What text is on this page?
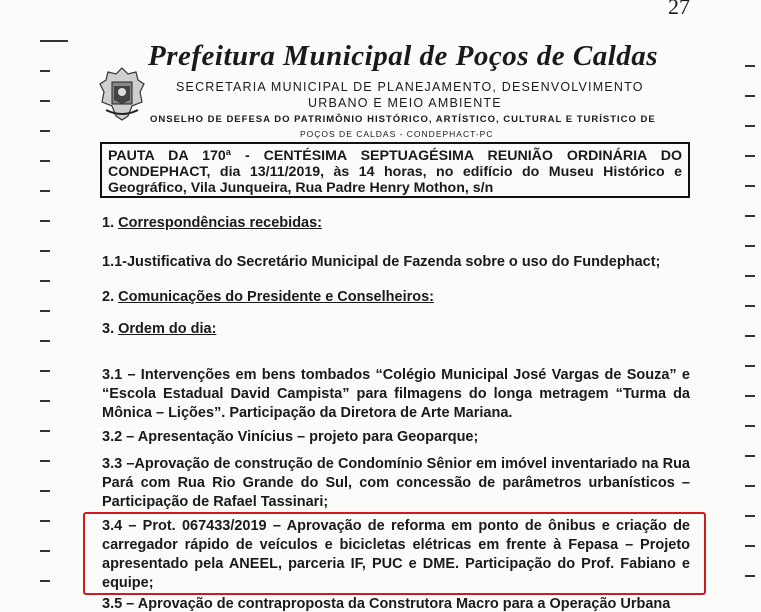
27
Prefeitura Municipal de Poços de Caldas
SECRETARIA MUNICIPAL DE PLANEJAMENTO, DESENVOLVIMENTO
URBANO E MEIO AMBIENTE
ONSELHO DE DEFESA DO PATRIMÔNIO HISTÓRICO, ARTÍSTICO, CULTURAL E TURÍSTICO DE
POÇOS DE CALDAS - CONDEPHACT-PC
PAUTA DA 170ª - CENTÉSIMA SEPTUAGÉSIMA REUNIÃO ORDINÁRIA DO CONDEPHACT, dia 13/11/2019, às 14 horas, no edifício do Museu Histórico e Geográfico, Vila Junqueira, Rua Padre Henry Mothon, s/n
1. Correspondências recebidas:
1.1-Justificativa do Secretário Municipal de Fazenda sobre o uso do Fundephact;
2. Comunicações do Presidente e Conselheiros:
3. Ordem do dia:
3.1 – Intervenções em bens tombados “Colégio Municipal José Vargas de Souza” e “Escola Estadual David Campista” para filmagens do longa metragem “Turma da Mônica – Lições”. Participação da Diretora de Arte Mariana.
3.2 – Apresentação Vinícius – projeto para Geoparque;
3.3 –Aprovação de construção de Condomínio Sênior em imóvel inventariado na Rua Pará com Rua Rio Grande do Sul, com concessão de parâmetros urbanísticos – Participação de Rafael Tassinari;
3.4 – Prot. 067433/2019 – Aprovação de reforma em ponto de ônibus e criação de carregador rápido de veículos e bicicletas elétricas em frente à Fepasa – Projeto apresentado pela ANEEL, parceria IF, PUC e DME. Participação do Prof. Fabiano e equipe;
3.5 – Aprovação de contraproposta da Construtora Macro para a Operação Urbana
